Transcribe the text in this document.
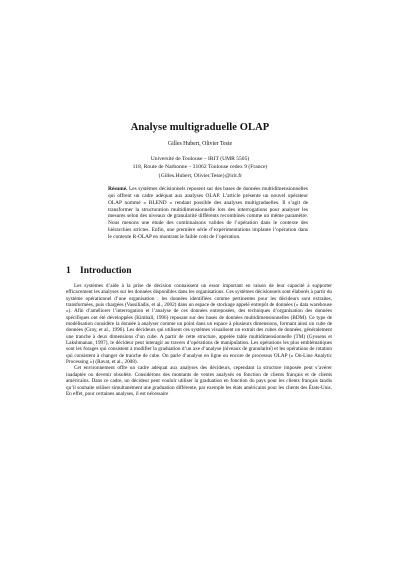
Analyse multigraduelle OLAP
Gilles Hubert, Olivier Teste
Université de Toulouse – IRIT (UMR 5505)
118, Route de Narbonne – 31062 Toulouse cedex 9 (France)
{Gilles.Hubert, Olivier.Teste}@irit.fr
Résumé. Les systèmes décisionnels reposent sur des bases de données multidimensionnelles qui offrent un cadre adéquat aux analyses OLAP. L’article présente un nouvel opérateur OLAP nommé « BLEND » rendant possible des analyses multigraduelles. Il s’agit de transformer la structuration multidimensionnelle lors des interrogations pour analyser les mesures selon des niveaux de granularité différents recombinés comme un même paramètre. Nous menons une étude des combinaisons valides de l’opération dans le contexte des hiérarchies strictes. Enfin, une première série d’expérimentations implante l’opération dans le contexte R-OLAP en montrant le faible coût de l’opération.
1 Introduction

Les systèmes d’aide à la prise de décision connaissent un essor important en raison de leur capacité à supporter efficacement les analyses sur les données disponibles dans les organisations. Ces systèmes décisionnels sont élaborés à partir du système opérationnel d’une organisation : les données identifiées comme pertinentes pour les décideurs sont extraites, transformées, puis chargées (Vassiliadis, et al., 2002) dans un espace de stockage appelé entrepôt de données (« data warehouse »). Afin d’améliorer l’interrogation et l’analyse de ces données entreposées, des techniques d’organisation des données spécifiques ont été développées (Kimball, 1996) reposant sur des bases de données multidimensionnelles (BDM). Ce type de modélisation considère la donnée à analyser comme un point dans un espace à plusieurs dimensions, formant ainsi un cube de données (Gray, et al., 1996). Les décideurs qui utilisent ces systèmes visualisent un extrait des cubes de données, généralement une tranche à deux dimensions d’un cube. A partir de cette structure, appelée table multidimensionnelle (TM) (Gyssens et Lakshmanan, 1997), le décideur peut interagir au travers d’opérations de manipulation. Les opérations les plus emblématiques sont les forages qui consistent à modifier la graduation d’un axe d’analyse (niveaux de granularité) et les opérations de rotation qui consistent à changer de tranche de cube. On parle d’analyse en ligne ou encore de processus OLAP (« On-Line Analytic Processing ») (Ravat, et al., 2008).

Cet environnement offre un cadre adéquat aux analyses des décideurs, cependant la structure imposée peut s’avérer inadaptée ou devenir obsolète. Considérons des montants de ventes analysés en fonction de clients français et de clients américains. Dans ce cadre, un décideur peut vouloir utiliser la graduation en fonction du pays pour les clients français tandis qu’il souhaite utiliser simultanément une graduation différente, par exemple les états américains pour les clients des États-Unis. En effet, pour certaines analyses, il est nécessaire
